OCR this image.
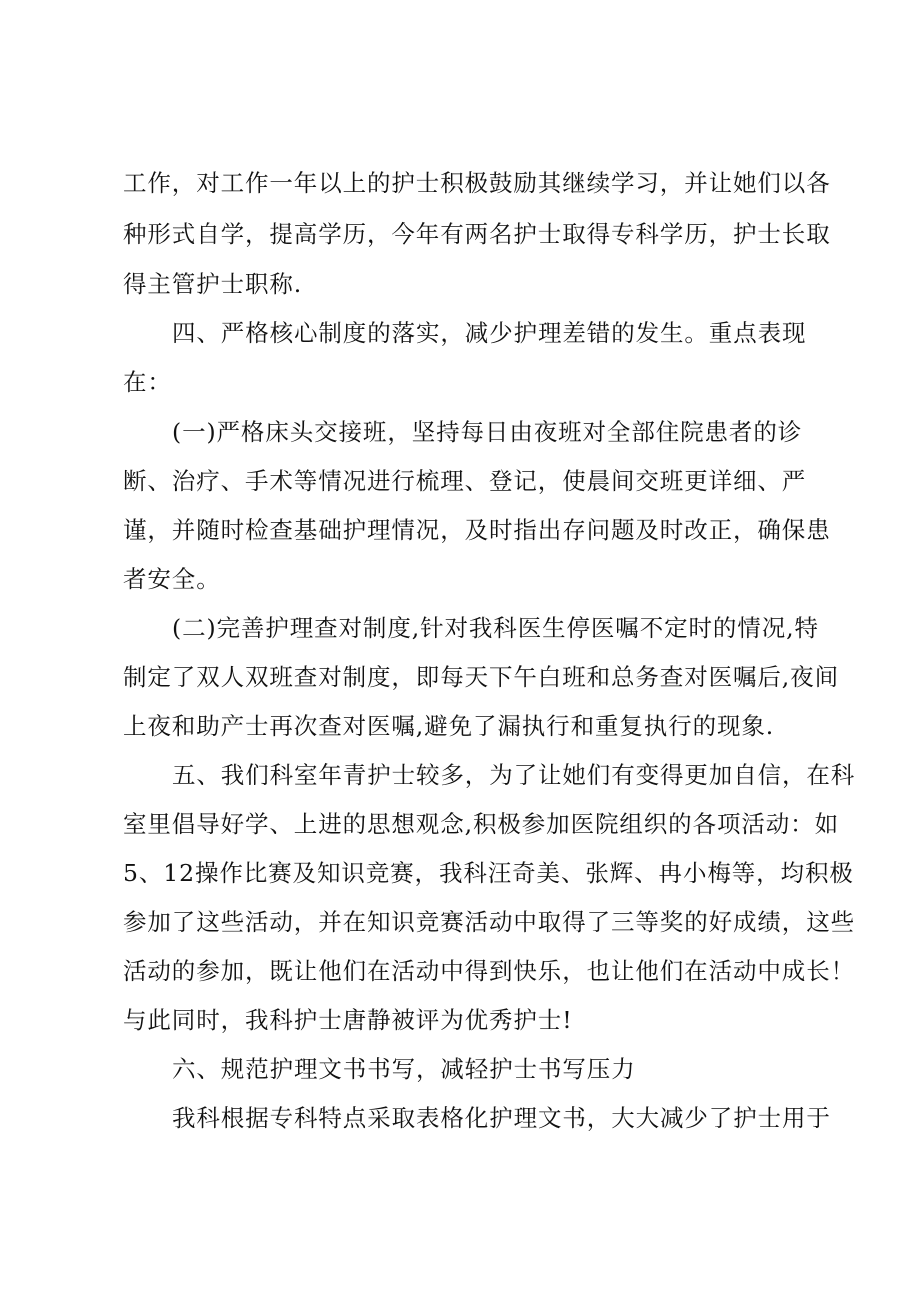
工作，对工作一年以上的护士积极鼓励其继续学习，并让她们以各

种形式自学，提高学历，今年有两名护士取得专科学历，护士长取

得主管护士职称.

四、严格核心制度的落实，减少护理差错的发生。重点表现

在：

(一)严格床头交接班，坚持每日由夜班对全部住院患者的诊

断、治疗、手术等情况进行梳理、登记，使晨间交班更详细、严

谨，并随时检查基础护理情况，及时指出存问题及时改正，确保患

者安全。

(二)完善护理查对制度,针对我科医生停医嘱不定时的情况,特

制定了双人双班查对制度，即每天下午白班和总务查对医嘱后,夜间

上夜和助产士再次查对医嘱,避免了漏执行和重复执行的现象.

五、我们科室年青护士较多，为了让她们有变得更加自信，在科

室里倡导好学、上进的思想观念,积极参加医院组织的各项活动：如

5、12操作比赛及知识竞赛，我科汪奇美、张辉、冉小梅等，均积极

参加了这些活动，并在知识竞赛活动中取得了三等奖的好成绩，这些

活动的参加，既让他们在活动中得到快乐，也让他们在活动中成长！

与此同时，我科护士唐静被评为优秀护士!

六、规范护理文书书写，减轻护士书写压力

我科根据专科特点采取表格化护理文书，大大减少了护士用于
